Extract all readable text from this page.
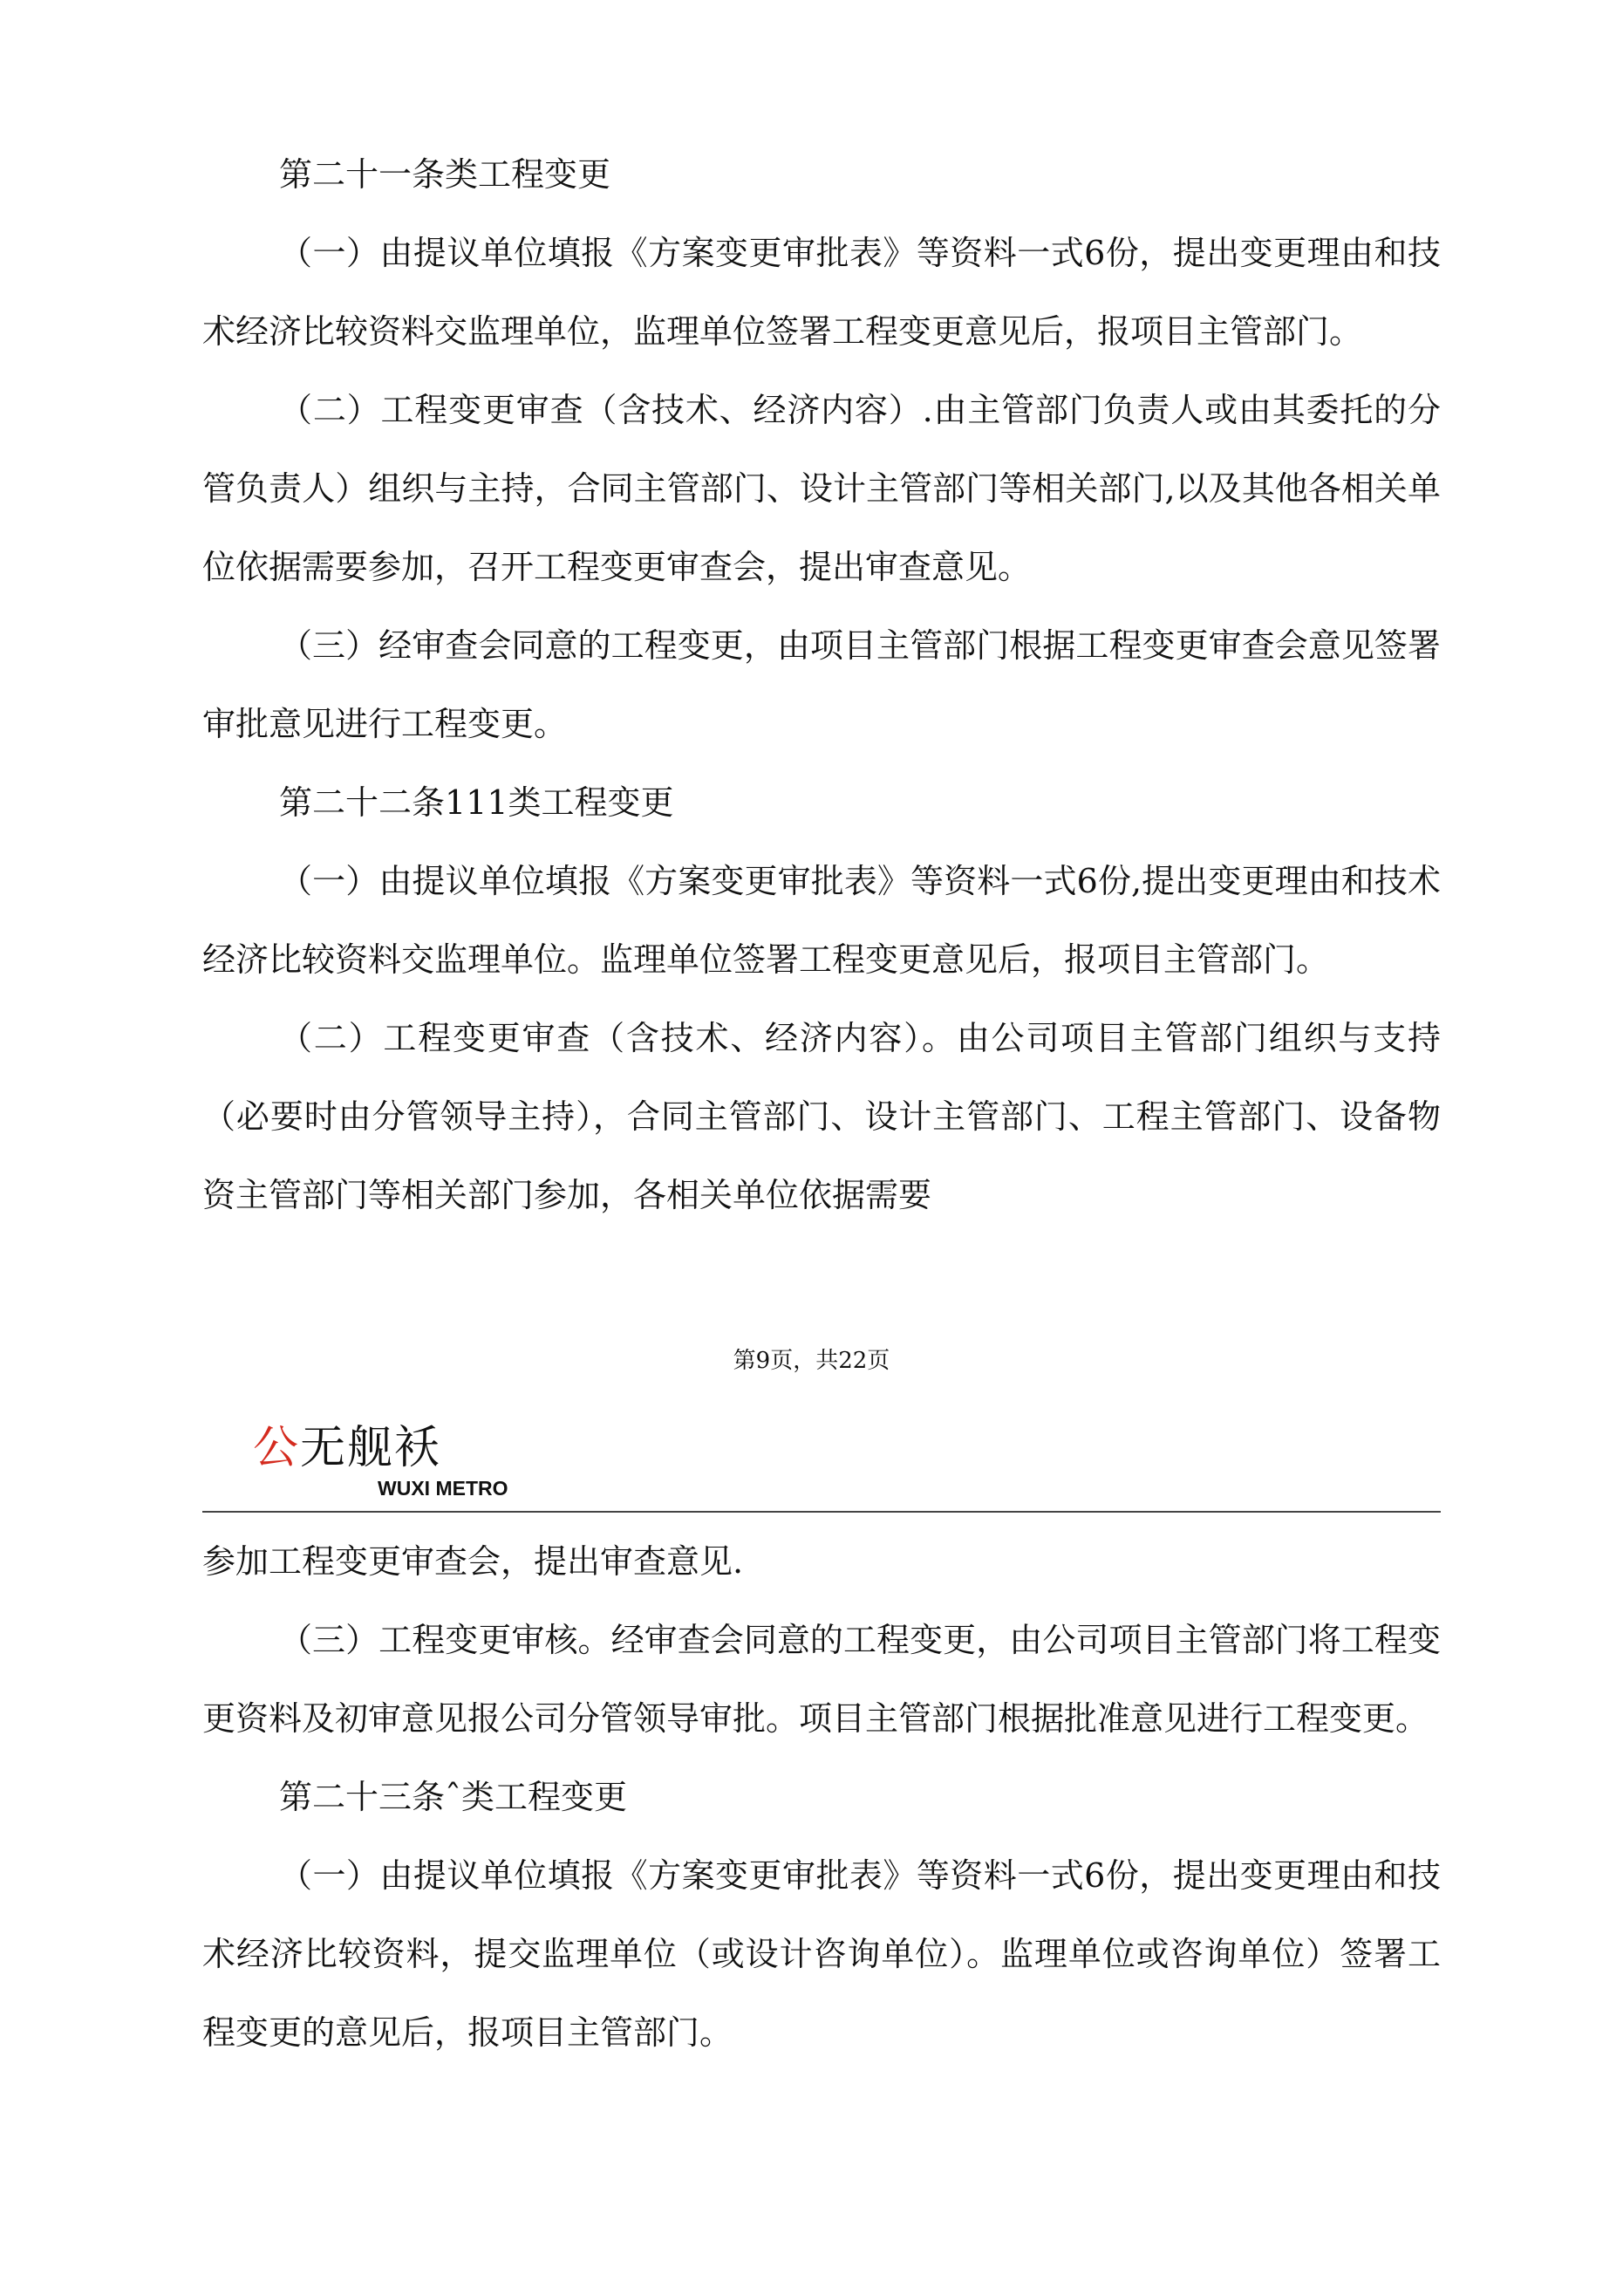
第二十一条类工程变更

（一）由提议单位填报《方案变更审批表》等资料一式6份，提出变更理由和技术经济比较资料交监理单位，监理单位签署工程变更意见后，报项目主管部门。

（二）工程变更审查（含技术、经济内容）.由主管部门负责人或由其委托的分管负责人）组织与主持，合同主管部门、设计主管部门等相关部门,以及其他各相关单位依据需要参加，召开工程变更审查会，提出审查意见。

（三）经审查会同意的工程变更，由项目主管部门根据工程变更审查会意见签署审批意见进行工程变更。

第二十二条111类工程变更

（一）由提议单位填报《方案变更审批表》等资料一式6份,提出变更理由和技术经济比较资料交监理单位。监理单位签署工程变更意见后，报项目主管部门。

（二）工程变更审查（含技术、经济内容）。由公司项目主管部门组织与支持（必要时由分管领导主持），合同主管部门、设计主管部门、工程主管部门、设备物资主管部门等相关部门参加，各相关单位依据需要

第9页，共22页
公无舰袄
WUXI METRO

参加工程变更审查会，提出审查意见.

（三）工程变更审核。经审查会同意的工程变更，由公司项目主管部门将工程变更资料及初审意见报公司分管领导审批。项目主管部门根据批准意见进行工程变更。

第二十三条ˆ类工程变更

（一）由提议单位填报《方案变更审批表》等资料一式6份，提出变更理由和技术经济比较资料，提交监理单位（或设计咨询单位）。监理单位或咨询单位）签署工程变更的意见后，报项目主管部门。
